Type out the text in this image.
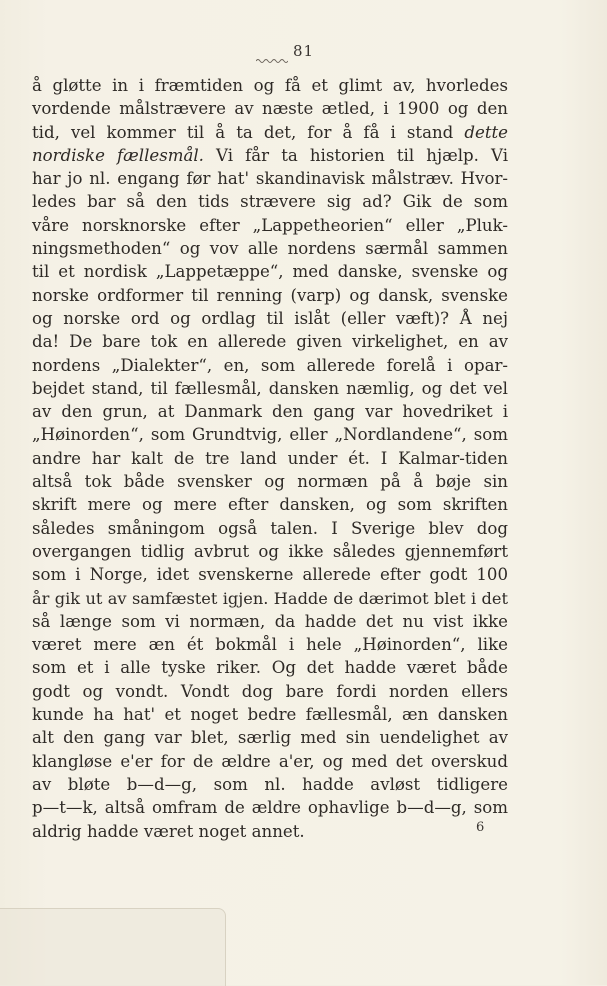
81
å gløtte in i fræmtiden og få et glimt av, hvorledes
vordende målstrævere av næste ætled, i 1900 og den
tid, vel kommer til å ta det, for å få i stand dette
nordiske fællesmål. Vi får ta historien til hjælp. Vi
har jo nl. engang før hat' skandinavisk målstræv. Hvor-
ledes bar så den tids strævere sig ad? Gik de som
våre norsknorske efter „Lappetheorien“ eller „Pluk-
ningsmethoden“ og vov alle nordens særmål sammen
til et nordisk „Lappetæppe“, med danske, svenske og
norske ordformer til renning (varp) og dansk, svenske
og norske ord og ordlag til islåt (eller væft)? Å nej
da! De bare tok en allerede given virkelighet, en av
nordens „Dialekter“, en, som allerede forelå i opar-
bejdet stand, til fællesmål, dansken næmlig, og det vel
av den grun, at Danmark den gang var hovedriket i
„Høinorden“, som Grundtvig, eller „Nordlandene“, som
andre har kalt de tre land under ét. I Kalmar-tiden
altså tok både svensker og normæn på å bøje sin
skrift mere og mere efter dansken, og som skriften
således småningom også talen. I Sverige blev dog
overgangen tidlig avbrut og ikke således gjennemført
som i Norge, idet svenskerne allerede efter godt 100
år gik ut av samfæstet igjen. Hadde de dærimot blet i det
så længe som vi normæn, da hadde det nu vist ikke
været mere æn ét bokmål i hele „Høinorden“, like
som et i alle tyske riker. Og det hadde været både
godt og vondt. Vondt dog bare fordi norden ellers
kunde ha hat' et noget bedre fællesmål, æn dansken
alt den gang var blet, særlig med sin uendelighet av
klangløse e'er for de ældre a'er, og med det overskud
av bløte b—d—g, som nl. hadde avløst tidligere
p—t—k, altså omfram de ældre ophavlige b—d—g, som
aldrig hadde været noget annet.	6
